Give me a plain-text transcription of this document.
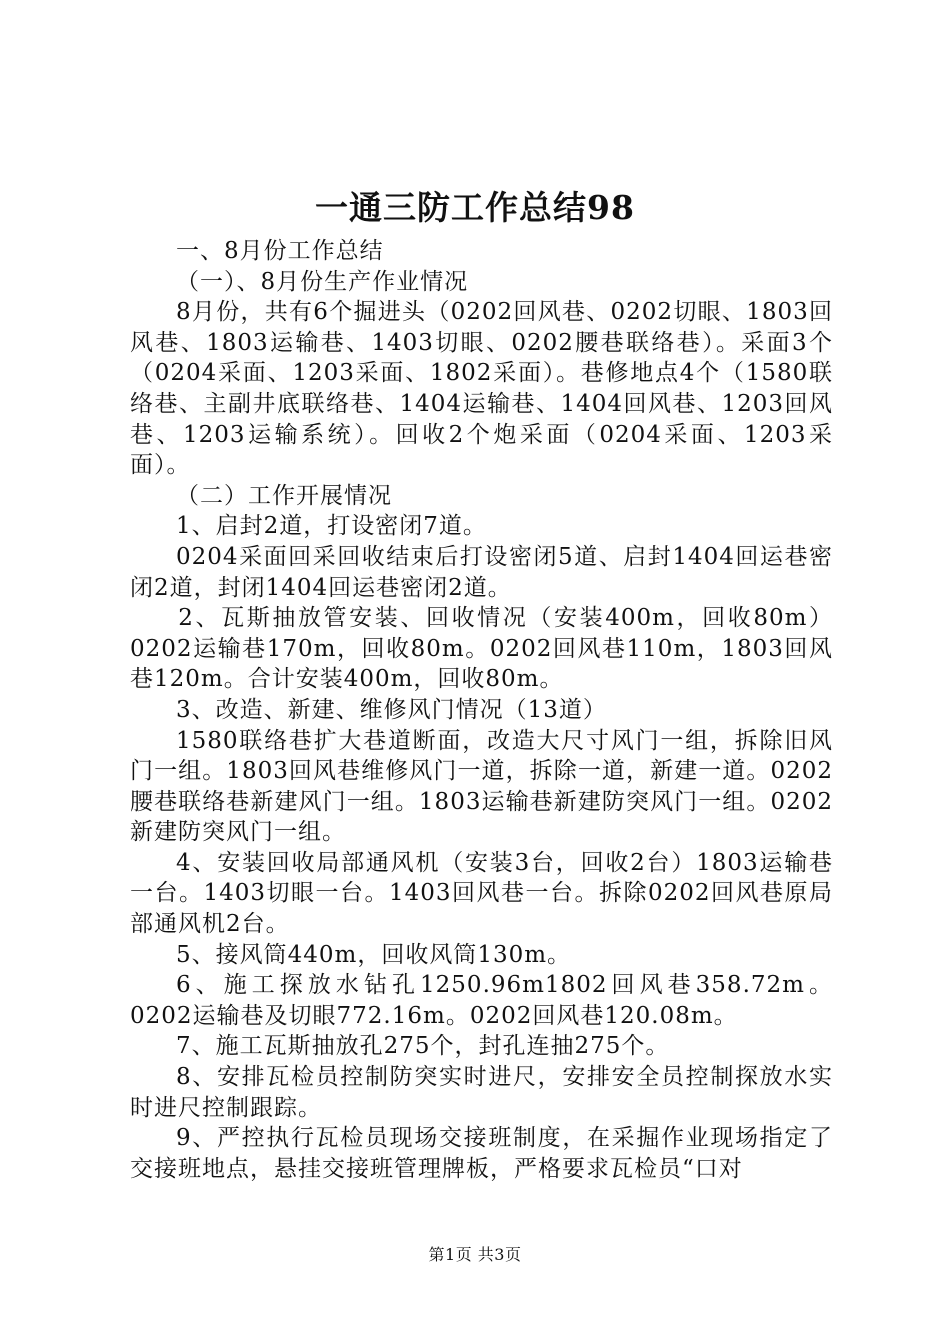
一通三防工作总结98

一、8月份工作总结

（一）、8月份生产作业情况

8月份，共有6个掘进头（0202回风巷、0202切眼、1803回风巷、1803运输巷、1403切眼、0202腰巷联络巷）。采面3个（0204采面、1203采面、1802采面）。巷修地点4个（1580联络巷、主副井底联络巷、1404运输巷、1404回风巷、1203回风巷、1203运输系统）。回收2个炮采面（0204采面、1203采面）。

（二）工作开展情况

1、启封2道，打设密闭7道。

0204采面回采回收结束后打设密闭5道、启封1404回运巷密闭2道，封闭1404回运巷密闭2道。

2、瓦斯抽放管安装、回收情况（安装400m，回收80m）0202运输巷170m，回收80m。0202回风巷110m，1803回风巷120m。合计安装400m，回收80m。

3、改造、新建、维修风门情况（13道）

1580联络巷扩大巷道断面，改造大尺寸风门一组，拆除旧风门一组。1803回风巷维修风门一道，拆除一道，新建一道。0202腰巷联络巷新建风门一组。1803运输巷新建防突风门一组。0202新建防突风门一组。

4、安装回收局部通风机（安装3台，回收2台）1803运输巷一台。1403切眼一台。1403回风巷一台。拆除0202回风巷原局部通风机2台。

5、接风筒440m，回收风筒130m。

6、施工探放水钻孔1250.96m1802回风巷358.72m。0202运输巷及切眼772.16m。0202回风巷120.08m。

7、施工瓦斯抽放孔275个，封孔连抽275个。

8、安排瓦检员控制防突实时进尺，安排安全员控制探放水实时进尺控制跟踪。

9、严控执行瓦检员现场交接班制度，在采掘作业现场指定了交接班地点，悬挂交接班管理牌板，严格要求瓦检员“口对

第1页 共3页
